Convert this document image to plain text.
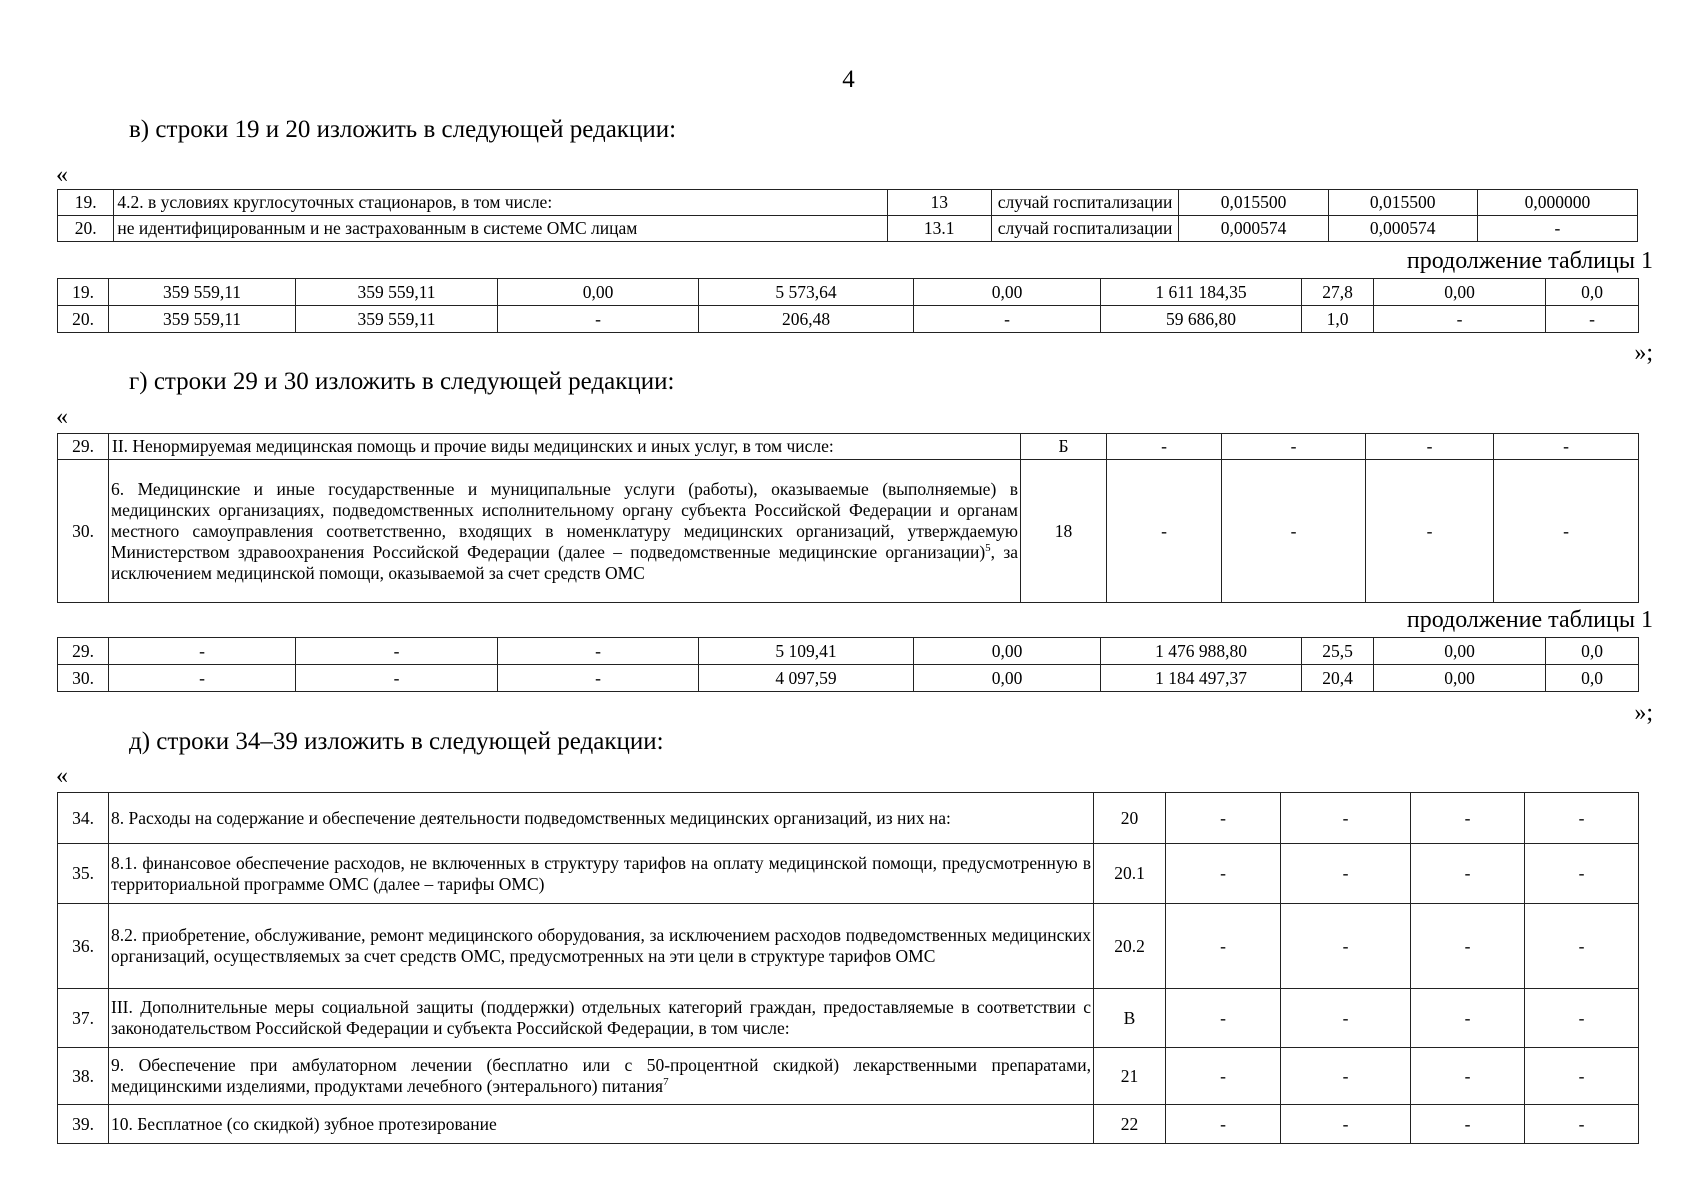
4
в) строки 19 и 20 изложить в следующей редакции:
«
19.	4.2. в условиях круглосуточных стационаров, в том числе:	13	случай госпитализации	0,015500	0,015500	0,000000
20.	не идентифицированным и не застрахованным в системе ОМС лицам	13.1	случай госпитализации	0,000574	0,000574	-
продолжение таблицы 1
19.	359 559,11	359 559,11	0,00	5 573,64	0,00	1 611 184,35	27,8	0,00	0,0
20.	359 559,11	359 559,11	-	206,48	-	59 686,80	1,0	-	-
»;
г) строки 29 и 30 изложить в следующей редакции:
«
29.	II. Ненормируемая медицинская помощь и прочие виды медицинских и иных услуг, в том числе:	Б	-	-	-	-
30.	6. Медицинские и иные государственные и муниципальные услуги (работы), оказываемые (выполняемые) в медицинских организациях, подведомственных исполнительному органу субъекта Российской Федерации и органам местного самоуправления соответственно, входящих в номенклатуру медицинских организаций, утверждаемую Министерством здравоохранения Российской Федерации (далее – подведомственные медицинские организации)$^5$, за исключением медицинской помощи, оказываемой за счет средств ОМС	18	-	-	-	-
продолжение таблицы 1
29.	-	-	-	5 109,41	0,00	1 476 988,80	25,5	0,00	0,0
30.	-	-	-	4 097,59	0,00	1 184 497,37	20,4	0,00	0,0
»;
д) строки 34–39 изложить в следующей редакции:
«
34.	8. Расходы на содержание и обеспечение деятельности подведомственных медицинских организаций, из них на:	20	-	-	-	-
35.	8.1. финансовое обеспечение расходов, не включенных в структуру тарифов на оплату медицинской помощи, предусмотренную в территориальной программе ОМС (далее – тарифы ОМС)	20.1	-	-	-	-
36.	8.2. приобретение, обслуживание, ремонт медицинского оборудования, за исключением расходов подведомственных медицинских организаций, осуществляемых за счет средств ОМС, предусмотренных на эти цели в структуре тарифов ОМС	20.2	-	-	-	-
37.	III. Дополнительные меры социальной защиты (поддержки) отдельных категорий граждан, предоставляемые в соответствии с законодательством Российской Федерации и субъекта Российской Федерации, в том числе:	В	-	-	-	-
38.	9. Обеспечение при амбулаторном лечении (бесплатно или с 50-процентной скидкой) лекарственными препаратами, медицинскими изделиями, продуктами лечебного (энтерального) питания$^7$	21	-	-	-	-
39.	10. Бесплатное (со скидкой) зубное протезирование	22	-	-	-	-
